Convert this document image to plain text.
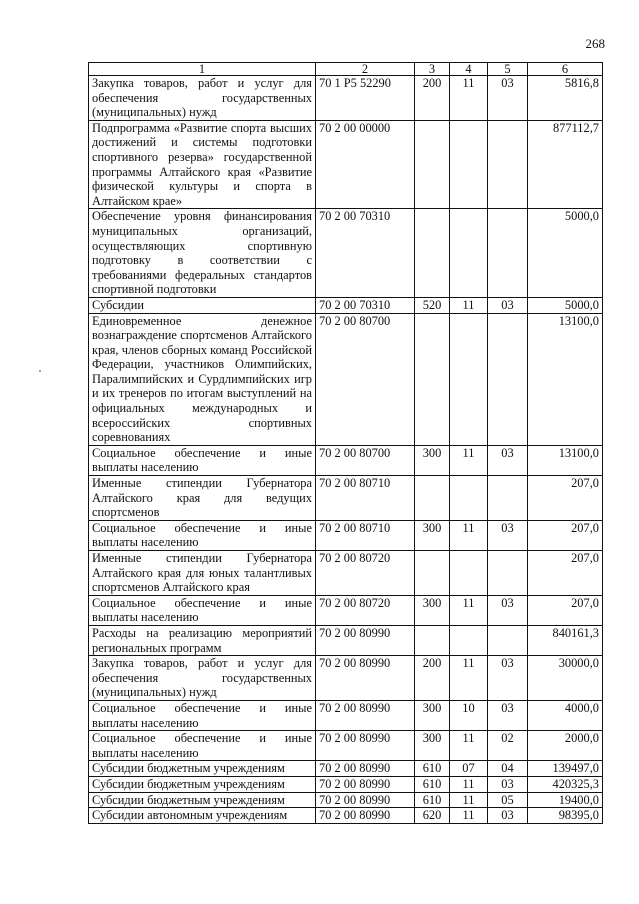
268
1	2	3	4	5	6
Закупка товаров, работ и услуг для обеспечения государственных (муниципальных) нужд	70 1 P5 52290	200	11	03	5816,8
Подпрограмма «Развитие спорта высших достижений и системы подготовки спортивного резерва» государственной программы Алтайского края «Развитие физической культуры и спорта в Алтайском крае»	70 2 00 00000				877112,7
Обеспечение уровня финансирования муниципальных организаций, осуществляющих спортивную подготовку в соответствии с требованиями федеральных стандартов спортивной подготовки	70 2 00 70310				5000,0
Субсидии	70 2 00 70310	520	11	03	5000,0
Единовременное денежное вознаграждение спортсменов Алтайского края, членов сборных команд Российской Федерации, участников Олимпийских, Паралимпийских и Сурдлимпийских игр и их тренеров по итогам выступлений на официальных международных и всероссийских спортивных соревнованиях	70 2 00 80700				13100,0
Социальное обеспечение и иные выплаты населению	70 2 00 80700	300	11	03	13100,0
Именные стипендии Губернатора Алтайского края для ведущих спортсменов	70 2 00 80710				207,0
Социальное обеспечение и иные выплаты населению	70 2 00 80710	300	11	03	207,0
Именные стипендии Губернатора Алтайского края для юных талантливых спортсменов Алтайского края	70 2 00 80720				207,0
Социальное обеспечение и иные выплаты населению	70 2 00 80720	300	11	03	207,0
Расходы на реализацию мероприятий региональных программ	70 2 00 80990				840161,3
Закупка товаров, работ и услуг для обеспечения государственных (муниципальных) нужд	70 2 00 80990	200	11	03	30000,0
Социальное обеспечение и иные выплаты населению	70 2 00 80990	300	10	03	4000,0
Социальное обеспечение и иные выплаты населению	70 2 00 80990	300	11	02	2000,0
Субсидии бюджетным учреждениям	70 2 00 80990	610	07	04	139497,0
Субсидии бюджетным учреждениям	70 2 00 80990	610	11	03	420325,3
Субсидии бюджетным учреждениям	70 2 00 80990	610	11	05	19400,0
Субсидии автономным учреждениям	70 2 00 80990	620	11	03	98395,0
